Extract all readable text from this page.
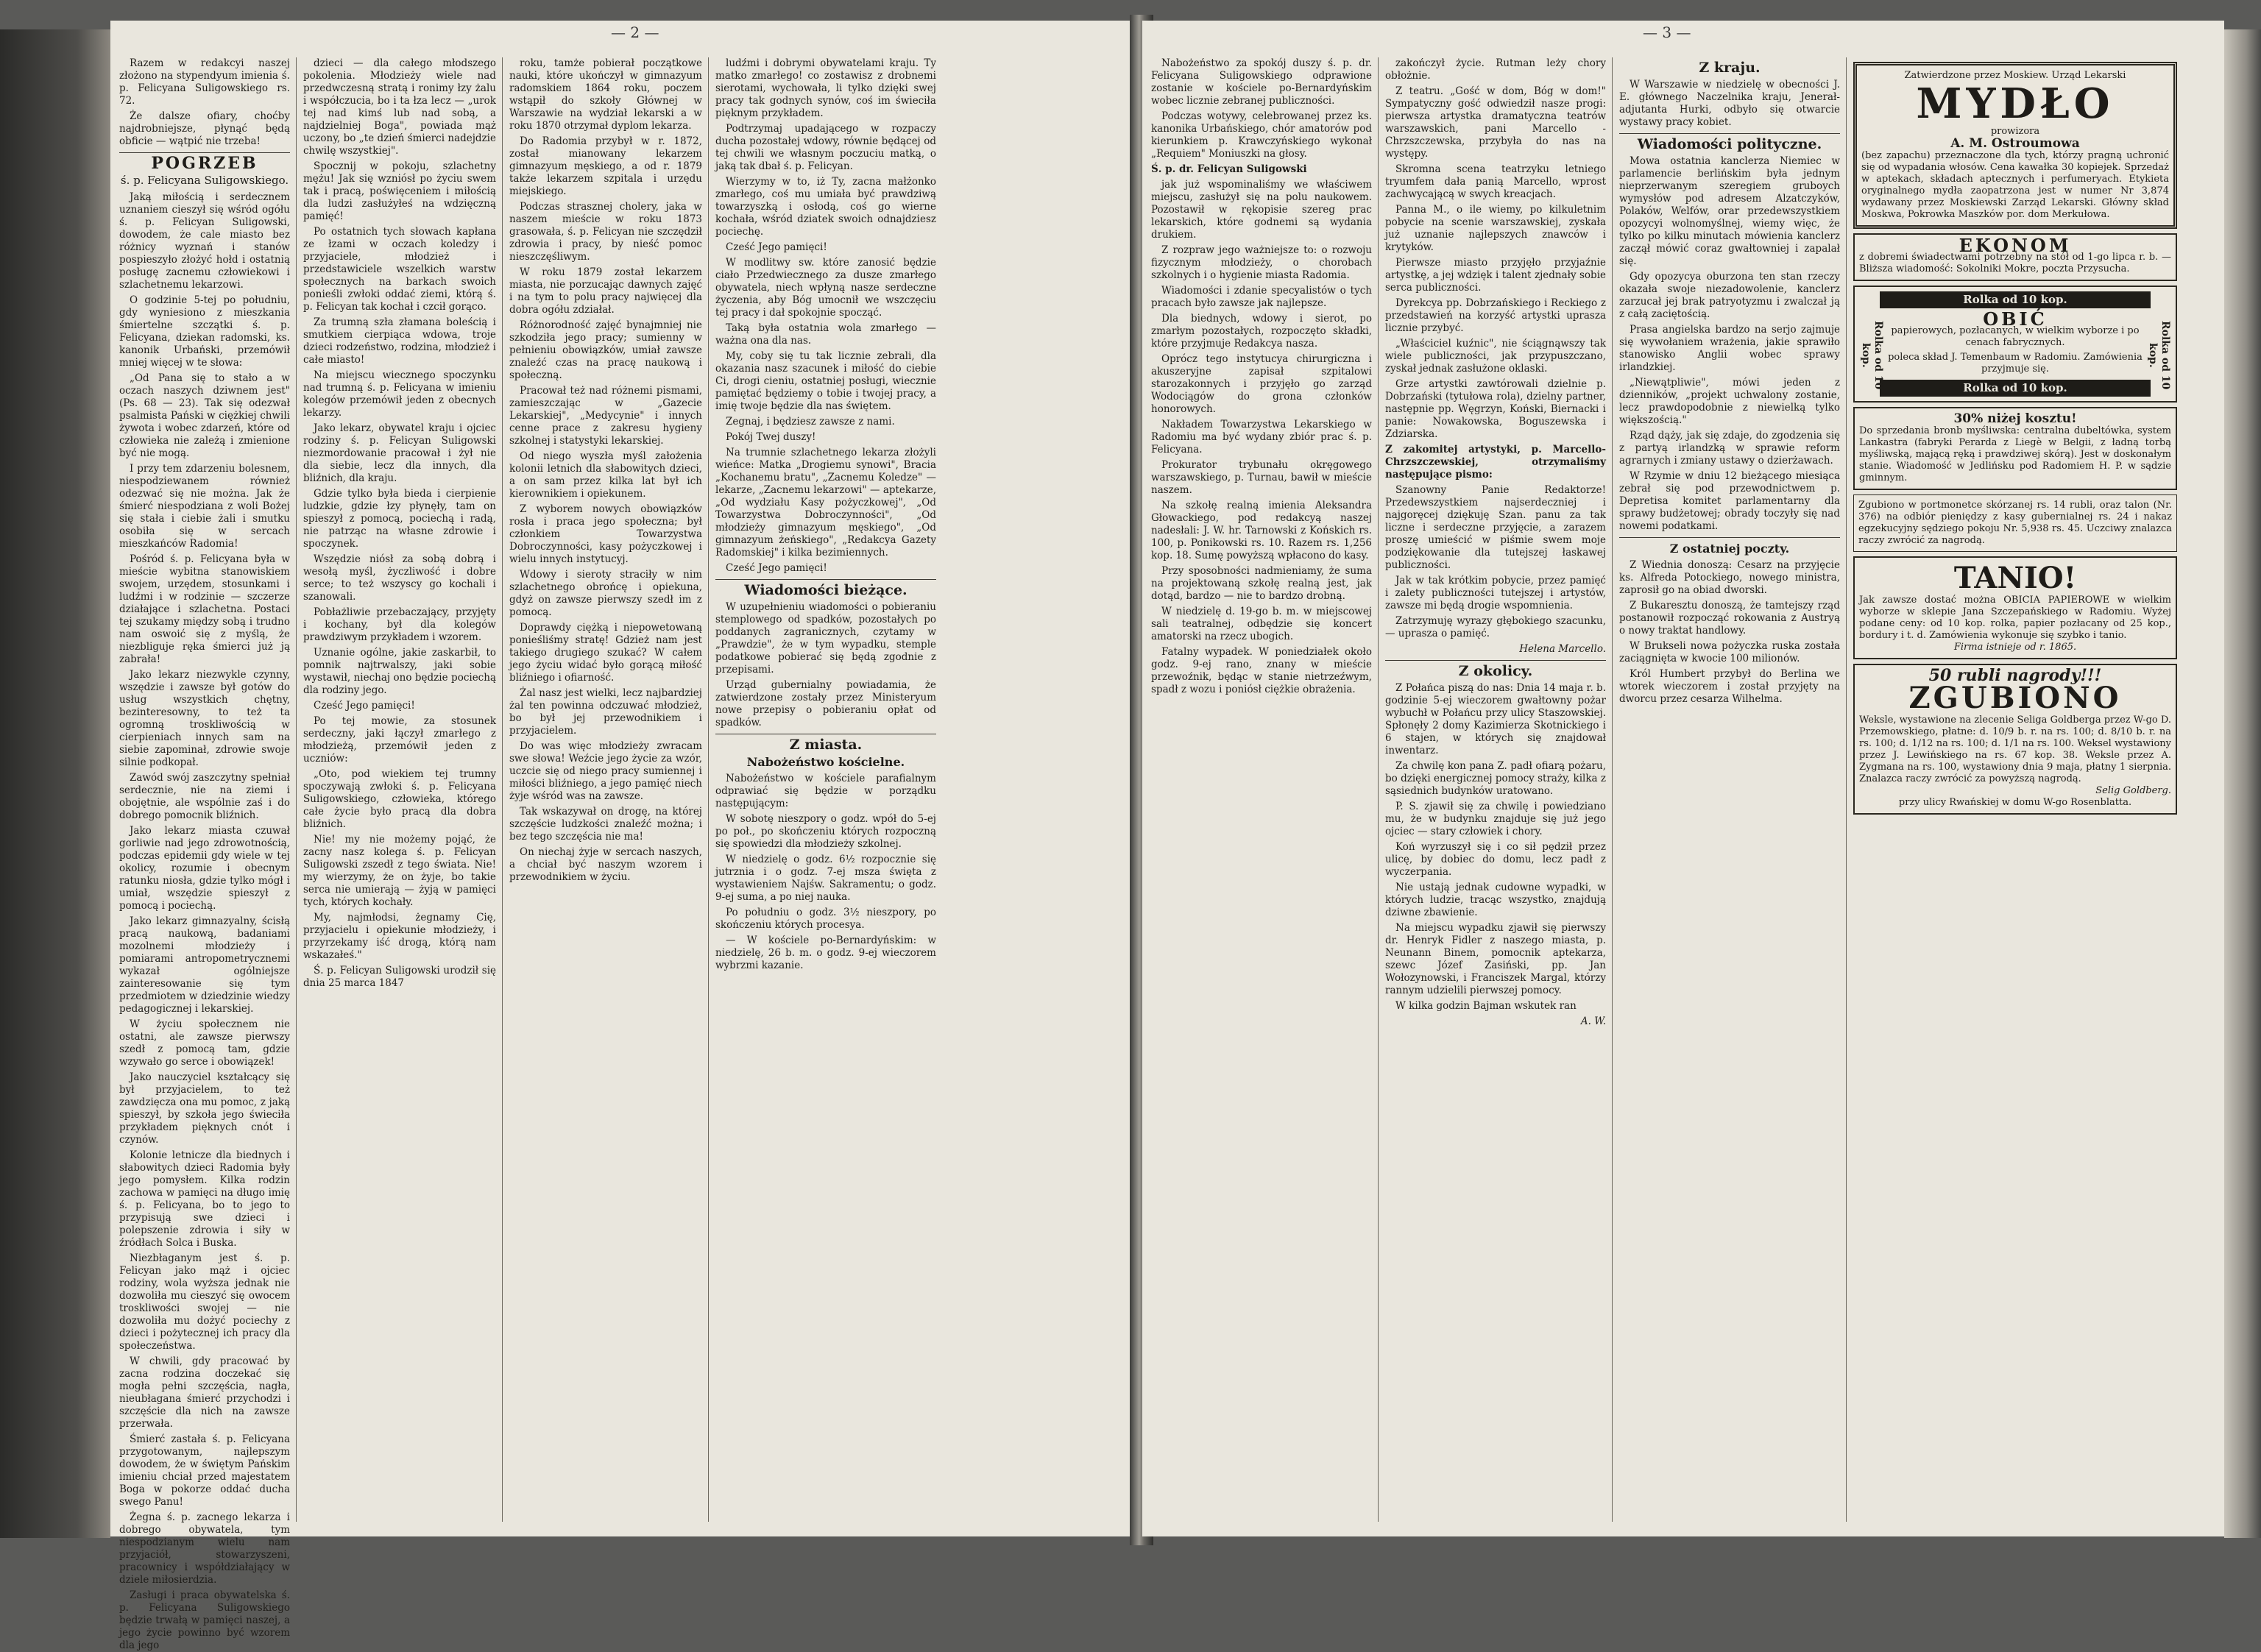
— 2 —

Razem w redakcyi naszej złożono na stypendyum imienia ś. p. Felicyana Suligowskiego rs. 72.

Że dalsze ofiary, choćby najdrobniejsze, płynąć będą obficie — wątpić nie trzeba!

POGRZEB
ś. p. Felicyana Suligowskiego.

Jaką miłością i serdecznem uznaniem cieszył się wśród ogółu ś. p. Felicyan Suligowski, dowodem, że cale miasto bez różnicy wyznań i stanów pospieszyło złożyć hołd i ostatnią posługę zacnemu człowiekowi i szlachetnemu lekarzowi.

O godzinie 5-tej po południu, gdy wyniesiono z mieszkania śmiertelne szczątki ś. p. Felicyana, dziekan radomski, ks. kanonik Urbański, przemówił mniej więcej w te słowa:

„Od Pana się to stało a w oczach naszych dziwnem jest" (Ps. 68 — 23). Tak się odezwał psalmista Pański w ciężkiej chwili żywota i wobec zdarzeń, które od człowieka nie zależą i zmienione być nie mogą.

I przy tem zdarzeniu bolesnem, niespodziewanem również odezwać się nie można. Jak że śmierć niespodziana z woli Bożej się stała i ciebie żali i smutku osobiła się w sercach mieszkańców Radomia!

Pośród ś. p. Felicyana była w mieście wybitna stanowiskiem swojem, urzędem, stosunkami i ludźmi i w rodzinie — szczerze działające i szlachetna. Postaci tej szukamy między sobą i trudno nam oswoić się z myślą, że niezbliguje ręka śmierci już ją zabrała!

Jako lekarz niezwykle czynny, wszędzie i zawsze był gotów do usług wszystkich chętny, bezinteresowny, to też ta ogromną troskliwością w cierpieniach innych sam na siebie zapominał, zdrowie swoje silnie podkopał.

Zawód swój zaszczytny spełniał serdecznie, nie na ziemi i obojętnie, ale wspólnie zaś i do dobrego pomocnik bliźnich.

Jako lekarz miasta czuwał gorliwie nad jego zdrowotnością, podczas epidemii gdy wiele w tej okolicy, rozumie i obecnym ratunku niosła, gdzie tylko mógł i umiał, wszędzie spieszył z pomocą i pociechą.

Jako lekarz gimnazyalny, ścisłą pracą naukową, badaniami mozolnemi młodzieży i pomiarami antropometrycznemi wykazał ogólniejsze zainteresowanie się tym przedmiotem w dziedzinie wiedzy pedagogicznej i lekarskiej.

W życiu społecznem nie ostatni, ale zawsze pierwszy szedł z pomocą tam, gdzie wzywało go serce i obowiązek!

Jako nauczyciel kształcący się był przyjacielem, to też zawdzięcza ona mu pomoc, z jaką spieszył, by szkoła jego świeciła przykładem pięknych cnót i czynów.

Kolonie letnicze dla biednych i słabowitych dzieci Radomia były jego pomysłem. Kilka rodzin zachowa w pamięci na długo imię ś. p. Felicyana, bo to jego to przypisują swe dzieci i polepszenie zdrowia i siły w źródłach Solca i Buska.

Niezbłaganym jest ś. p. Felicyan jako mąż i ojciec rodziny, wola wyższa jednak nie dozwoliła mu cieszyć się owocem troskliwości swojej — nie dozwoliła mu dożyć pociechy z dzieci i pożytecznej ich pracy dla społeczeństwa.

W chwili, gdy pracować by zacna rodzina doczekać się mogła pełni szczęścia, nagła, nieubłagana śmierć przychodzi i szczęście dla nich na zawsze przerwała.

Śmierć zastała ś. p. Felicyana przygotowanym, najlepszym dowodem, że w świętym Pańskim imieniu chciał przed majestatem Boga w pokorze oddać ducha swego Panu!

Żegna ś. p. zacnego lekarza i dobrego obywatela, tym niespodzianym wielu nam przyjaciół, stowarzyszeni, pracownicy i współdziałający w dziele miłosierdzia.

Zasługi i praca obywatelska ś. p. Felicyana Suligowskiego będzie trwałą w pamięci naszej, a jego życie powinno być wzorem dla jego

dzieci — dla całego młodszego pokolenia. Młodzieży wiele nad przedwczesną stratą i ronimy łzy żalu i współczucia, bo i ta łza lecz — „urok tej nad kimś lub nad sobą, a najdzielniej Boga", powiada mąż uczony, bo „te dzień śmierci nadejdzie chwilę wszystkiej".

Spocznij w pokoju, szlachetny mężu! Jak się wzniósł po życiu swem tak i pracą, poświęceniem i miłością dla ludzi zasłużyłeś na wdzięczną pamięć!

Po ostatnich tych słowach kapłana ze łzami w oczach koledzy i przyjaciele, młodzież i przedstawiciele wszelkich warstw społecznych na barkach swoich ponieśli zwłoki oddać ziemi, którą ś. p. Felicyan tak kochał i czcił gorąco.

Za trumną szła złamana boleścią i smutkiem cierpiąca wdowa, troje dzieci rodzeństwo, rodzina, młodzież i całe miasto!

Na miejscu wiecznego spoczynku nad trumną ś. p. Felicyana w imieniu kolegów przemówił jeden z obecnych lekarzy.

Jako lekarz, obywatel kraju i ojciec rodziny ś. p. Felicyan Suligowski niezmordowanie pracował i żył nie dla siebie, lecz dla innych, dla bliźnich, dla kraju.

Gdzie tylko była bieda i cierpienie ludzkie, gdzie łzy płynęły, tam on spieszył z pomocą, pociechą i radą, nie patrząc na własne zdrowie i spoczynek.

Wszędzie niósł za sobą dobrą i wesołą myśl, życzliwość i dobre serce; to też wszyscy go kochali i szanowali.

Pobłażliwie przebaczający, przyjęty i kochany, był dla kolegów prawdziwym przykładem i wzorem.

Uznanie ogólne, jakie zaskarbił, to pomnik najtrwalszy, jaki sobie wystawił, niechaj ono będzie pociechą dla rodziny jego.

Cześć Jego pamięci!

Po tej mowie, za stosunek serdeczny, jaki łączył zmarłego z młodzieżą, przemówił jeden z uczniów:

„Oto, pod wiekiem tej trumny spoczywają zwłoki ś. p. Felicyana Suligowskiego, człowieka, którego całe życie było pracą dla dobra bliźnich.

Nie! my nie możemy pojąć, że zacny nasz kolega ś. p. Felicyan Suligowski zszedł z tego świata. Nie! my wierzymy, że on żyje, bo takie serca nie umierają — żyją w pamięci tych, których kochały.

My, najmłodsi, żegnamy Cię, przyjacielu i opiekunie młodzieży, i przyrzekamy iść drogą, którą nam wskazałeś."

Ś. p. Felicyan Suligowski urodził się dnia 25 marca 1847

roku, tamże pobierał początkowe nauki, które ukończył w gimnazyum radomskiem 1864 roku, poczem wstąpił do szkoły Głównej w Warszawie na wydział lekarski a w roku 1870 otrzymał dyplom lekarza.

Do Radomia przybył w r. 1872, został mianowany lekarzem gimnazyum męskiego, a od r. 1879 także lekarzem szpitala i urzędu miejskiego.

Podczas strasznej cholery, jaka w naszem mieście w roku 1873 grasowała, ś. p. Felicyan nie szczędził zdrowia i pracy, by nieść pomoc nieszczęśliwym.

W roku 1879 został lekarzem miasta, nie porzucając dawnych zajęć i na tym to polu pracy najwięcej dla dobra ogółu zdziałał.

Różnorodność zajęć bynajmniej nie szkodziła jego pracy; sumienny w pełnieniu obowiązków, umiał zawsze znaleźć czas na pracę naukową i społeczną.

Pracował też nad różnemi pismami, zamieszczając w „Gazecie Lekarskiej", „Medycynie" i innych cenne prace z zakresu hygieny szkolnej i statystyki lekarskiej.

Od niego wyszła myśl założenia kolonii letnich dla słabowitych dzieci, a on sam przez kilka lat był ich kierownikiem i opiekunem.

Z wyborem nowych obowiązków rosła i praca jego społeczna; był członkiem Towarzystwa Dobroczynności, kasy pożyczkowej i wielu innych instytucyj.

Wdowy i sieroty straciły w nim szlachetnego obrońcę i opiekuna, gdyż on zawsze pierwszy szedł im z pomocą.

Doprawdy ciężką i niepowetowaną ponieśliśmy stratę! Gdzież nam jest takiego drugiego szukać? W całem jego życiu widać było gorącą miłość bliźniego i ofiarność.

Żal nasz jest wielki, lecz najbardziej żal ten powinna odczuwać młodzież, bo był jej przewodnikiem i przyjacielem.

Do was więc młodzieży zwracam swe słowa! Weźcie jego życie za wzór, uczcie się od niego pracy sumiennej i miłości bliźniego, a jego pamięć niech żyje wśród was na zawsze.

Tak wskazywał on drogę, na której szczęście ludzkości znaleźć można; i bez tego szczęścia nie ma!

On niechaj żyje w sercach naszych, a chciał być naszym wzorem i przewodnikiem w życiu.

ludźmi i dobrymi obywatelami kraju. Ty matko zmarłego! co zostawisz z drobnemi sierotami, wychowała, li tylko dzięki swej pracy tak godnych synów, coś im świeciła pięknym przykładem.

Podtrzymaj upadającego w rozpaczy ducha pozostałej wdowy, równie będącej od tej chwili we własnym poczuciu matką, o jaką tak dbał ś. p. Felicyan.

Wierzymy w to, iż Ty, zacna małżonko zmarłego, coś mu umiała być prawdziwą towarzyszką i osłodą, coś go wierne kochała, wśród dziatek swoich odnajdziesz pociechę.

Cześć Jego pamięci!

W modlitwy sw. które zanosić będzie ciało Przedwiecznego za dusze zmarłego obywatela, niech wpłyną nasze serdeczne życzenia, aby Bóg umocnił we wszczęciu tej pracy i dał spokojnie spocząć.

Taką była ostatnia wola zmarłego — ważna ona dla nas.

My, coby się tu tak licznie zebrali, dla okazania nasz szacunek i miłość do ciebie Ci, drogi cieniu, ostatniej posługi, wiecznie pamiętać będziemy o tobie i twojej pracy, a imię twoje będzie dla nas świętem.

Zegnaj, i będziesz zawsze z nami.

Pokój Twej duszy!

Na trumnie szlachetnego lekarza złożyli wieńce: Matka „Drogiemu synowi", Bracia „Kochanemu bratu", „Zacnemu Koledze" — lekarze, „Zacnemu lekarzowi" — aptekarze, „Od wydziału Kasy pożyczkowej", „Od Towarzystwa Dobroczynności", „Od młodzieży gimnazyum męskiego", „Od gimnazyum żeńskiego", „Redakcya Gazety Radomskiej" i kilka bezimiennych.

Cześć Jego pamięci!

Wiadomości bieżące.

W uzupełnieniu wiadomości o pobieraniu stemplowego od spadków, pozostałych po poddanych zagranicznych, czytamy w „Prawdzie", że w tym wypadku, stemple podatkowe pobierać się będą zgodnie z przepisami.

Urząd gubernialny powiadamia, że zatwierdzone zostały przez Ministeryum nowe przepisy o pobieraniu opłat od spadków.

Z miasta.
Nabożeństwo kościelne.

Nabożeństwo w kościele parafialnym odprawiać się będzie w porządku następującym:

W sobotę nieszpory o godz. wpół do 5-ej po poł., po skończeniu których rozpoczną się spowiedzi dla młodzieży szkolnej.

W niedzielę o godz. 6½ rozpocznie się jutrznia i o godz. 7-ej msza święta z wystawieniem Najśw. Sakramentu; o godz. 9-ej suma, a po niej nauka.

Po południu o godz. 3½ nieszpory, po skończeniu których procesya.

— W kościele po-Bernardyńskim: w niedzielę, 26 b. m. o godz. 9-ej wieczorem wybrzmi kazanie.

— 3 —

Nabożeństwo za spokój duszy ś. p. dr. Felicyana Suligowskiego odprawione zostanie w kościele po-Bernardyńskim wobec licznie zebranej publiczności.

Podczas wotywy, celebrowanej przez ks. kanonika Urbańskiego, chór amatorów pod kierunkiem p. Krawczyńskiego wykonał „Requiem" Moniuszki na głosy.

Ś. p. dr. Felicyan Suligowski

jak już wspominaliśmy we właściwem miejscu, zasłużył się na polu naukowem. Pozostawił w rękopisie szereg prac lekarskich, które godnemi są wydania drukiem.

Z rozpraw jego ważniejsze to: o rozwoju fizycznym młodzieży, o chorobach szkolnych i o hygienie miasta Radomia.

Wiadomości i zdanie specyalistów o tych pracach było zawsze jak najlepsze.

Dla biednych, wdowy i sierot, po zmarłym pozostałych, rozpoczęto składki, które przyjmuje Redakcya nasza.

Oprócz tego instytucya chirurgiczna i akuszeryjne zapisał szpitalowi starozakonnych i przyjęło go zarząd Wodociągów do grona członków honorowych.

Nakładem Towarzystwa Lekarskiego w Radomiu ma być wydany zbiór prac ś. p. Felicyana.

Prokurator trybunału okręgowego warszawskiego, p. Turnau, bawił w mieście naszem.

Na szkołę realną imienia Aleksandra Głowackiego, pod redakcyą naszej nadesłali: J. W. hr. Tarnowski z Końskich rs. 100, p. Ponikowski rs. 10. Razem rs. 1,256 kop. 18. Sumę powyższą wpłacono do kasy.

Przy sposobności nadmieniamy, że suma na projektowaną szkołę realną jest, jak dotąd, bardzo — nie to bardzo drobną.

W niedzielę d. 19-go b. m. w miejscowej sali teatralnej, odbędzie się koncert amatorski na rzecz ubogich.

Fatalny wypadek. W poniedziałek około godz. 9-ej rano, znany w mieście przewoźnik, będąc w stanie nietrzeźwym, spadł z wozu i poniósł ciężkie obrażenia.

zakończył życie. Rutman leży chory obłożnie.

Z teatru. „Gość w dom, Bóg w dom!" Sympatyczny gość odwiedził nasze progi: pierwsza artystka dramatyczna teatrów warszawskich, pani Marcello - Chrzszczewska, przybyła do nas na występy.

Skromna scena teatrzyku letniego tryumfem dała panią Marcello, wprost zachwycającą w swych kreacjach.

Panna M., o ile wiemy, po kilkuletnim pobycie na scenie warszawskiej, zyskała już uznanie najlepszych znawców i krytyków.

Pierwsze miasto przyjęło przyjaźnie artystkę, a jej wdzięk i talent zjednały sobie serca publiczności.

Dyrekcya pp. Dobrzańskiego i Reckiego z przedstawień na korzyść artystki uprasza licznie przybyć.

„Właściciel kuźnic", nie ściągnąwszy tak wiele publiczności, jak przypuszczano, zyskał jednak zasłużone oklaski.

Grze artystki zawtórowali dzielnie p. Dobrzański (tytułowa rola), dzielny partner, następnie pp. Węgrzyn, Koński, Biernacki i panie: Nowakowska, Boguszewska i Zdziarska.

Z zakomitej artystyki, p. Marcello-Chrzszczewskiej, otrzymaliśmy następujące pismo:

Szanowny Panie Redaktorze! Przedewszystkiem najserdeczniej i najgoręcej dziękuję Szan. panu za tak liczne i serdeczne przyjęcie, a zarazem proszę umieścić w piśmie swem moje podziękowanie dla tutejszej łaskawej publiczności.

Jak w tak krótkim pobycie, przez pamięć i zalety publiczności tutejszej i artystów, zawsze mi będą drogie wspomnienia.

Zatrzymuję wyrazy głębokiego szacunku, — uprasza o pamięć.

Helena Marcello.
Z okolicy.

Z Połańca piszą do nas: Dnia 14 maja r. b. godzinie 5-ej wieczorem gwałtowny pożar wybuchł w Połańcu przy ulicy Staszowskiej. Spłonęły 2 domy Kazimierza Skotnickiego i 6 stajen, w których się znajdował inwentarz.

Za chwilę kon pana Z. padł ofiarą pożaru, bo dzięki energicznej pomocy straży, kilka z sąsiednich budynków uratowano.

P. S. zjawił się za chwilę i powiedziano mu, że w budynku znajduje się już jego ojciec — stary człowiek i chory.

Koń wyrzuszył się i co sił pędził przez ulicę, by dobiec do domu, lecz padł z wyczerpania.

Nie ustają jednak cudowne wypadki, w których ludzie, tracąc wszystko, znajdują dziwne zbawienie.

Na miejscu wypadku zjawił się pierwszy dr. Henryk Fidler z naszego miasta, p. Neunann Binem, pomocnik aptekarza, szewc Józef Zasiński, pp. Jan Wołozynowski, i Franciszek Margal, którzy rannym udzielili pierwszej pomocy.

W kilka godzin Bajman wskutek ran

A. W.
Z kraju.

W Warszawie w niedzielę w obecności J. E. głównego Naczelnika kraju, Jenerał-adjutanta Hurki, odbyło się otwarcie wystawy pracy kobiet.

Wiadomości polityczne.

Mowa ostatnia kanclerza Niemiec w parlamencie berlińskim była jednym nieprzerwanym szeregiem gruboych wymysłów pod adresem Alzatczyków, Polaków, Welfów, orar przedewszystkiem opozycyi wolnomyślnej, wiemy więc, że tylko po kilku minutach mówienia kanclerz zaczął mówić coraz gwałtowniej i zapalał się.

Gdy opozycya oburzona ten stan rzeczy okazała swoje niezadowolenie, kanclerz zarzucał jej brak patryotyzmu i zwalczał ją z całą zaciętością.

Prasa angielska bardzo na serjo zajmuje się wywołaniem wrażenia, jakie sprawiło stanowisko Anglii wobec sprawy irlandzkiej.

„Niewątpliwie", mówi jeden z dzienników, „projekt uchwalony zostanie, lecz prawdopodobnie z niewielką tylko większością."

Rząd dąży, jak się zdaje, do zgodzenia się z partyą irlandzką w sprawie reform agrarnych i zmiany ustawy o dzierżawach.

W Rzymie w dniu 12 bieżącego miesiąca zebrał się pod przewodnictwem p. Depretisa komitet parlamentarny dla sprawy budżetowej; obrady toczyły się nad nowemi podatkami.

Z ostatniej poczty.

Z Wiednia donoszą: Cesarz na przyjęcie ks. Alfreda Potockiego, nowego ministra, zaprosił go na obiad dworski.

Z Bukaresztu donoszą, że tamtejszy rząd postanowił rozpocząć rokowania z Austryą o nowy traktat handlowy.

W Brukseli nowa pożyczka ruska została zaciągnięta w kwocie 100 milionów.

Król Humbert przybył do Berlina we wtorek wieczorem i został przyjęty na dworcu przez cesarza Wilhelma.

Zatwierdzone przez Moskiew. Urząd Lekarski
MYDŁO
prowizora
A. M. Ostroumowa
(bez zapachu) przeznaczone dla tych, którzy pragną uchronić się od wypadania włosów. Cena kawałka 30 kopiejek. Sprzedaż w aptekach, składach aptecznych i perfumeryach. Etykieta oryginalnego mydła zaopatrzona jest w numer Nr 3,874 wydawany przez Moskiewski Zarząd Lekarski. Główny skład Moskwa, Pokrowka Maszków por. dom Merkułowa.
EKONOM
z dobremi świadectwami potrzebny na stół od 1-go lipca r. b. — Bliższa wiadomość: Sokolniki Mokre, poczta Przysucha.
Rolka od 10 kop.
Rolka od 10 kop.	Rolka od 10 kop.
OBIĆ
papierowych, pozłacanych, w wielkim wyborze i po cenach fabrycznych.
poleca skład J. Temenbaum w Radomiu. Zamówienia przyjmuje się.
Rolka od 10 kop.
30% niżej kosztu!
Do sprzedania bronb myśliwska: centralna dubeltówka, system Lankastra (fabryki Perarda z Liegè w Belgii, z ładną torbą myśliwską, mającą ręką i prawdziwej skórą). Jest w doskonałym stanie. Wiadomość w Jedlińsku pod Radomiem H. P. w sądzie gminnym.
Zgubiono w portmonetce skórzanej rs. 14 rubli, oraz talon (Nr. 376) na odbiór pieniędzy z kasy gubernialnej rs. 24 i nakaz egzekucyjny sędziego pokoju Nr. 5,938 rs. 45. Uczciwy znalazca raczy zwrócić za nagrodą.
TANIO!
Jak zawsze dostać można OBICIA PAPIEROWE w wielkim wyborze w sklepie Jana Szczepańskiego w Radomiu. Wyżej podane ceny: od 10 kop. rolka, papier pozłacany od 25 kop., bordury i t. d. Zamówienia wykonuje się szybko i tanio.
Firma istnieje od r. 1865.
50 rubli nagrody!!!
ZGUBIONO
Weksle, wystawione na zlecenie Seliga Goldberga przez W-go D. Przemowskiego, płatne: d. 10/9 b. r. na rs. 100; d. 8/10 b. r. na rs. 100; d. 1/12 na rs. 100; d. 1/1 na rs. 100. Weksel wystawiony przez J. Lewińskiego na rs. 67 kop. 38. Weksle przez A. Zygmana na rs. 100, wystawiony dnia 9 maja, płatny 1 sierpnia. Znalazca raczy zwrócić za powyższą nagrodą.
Selig Goldberg.
przy ulicy Rwańskiej w domu W-go Rosenblatta.
